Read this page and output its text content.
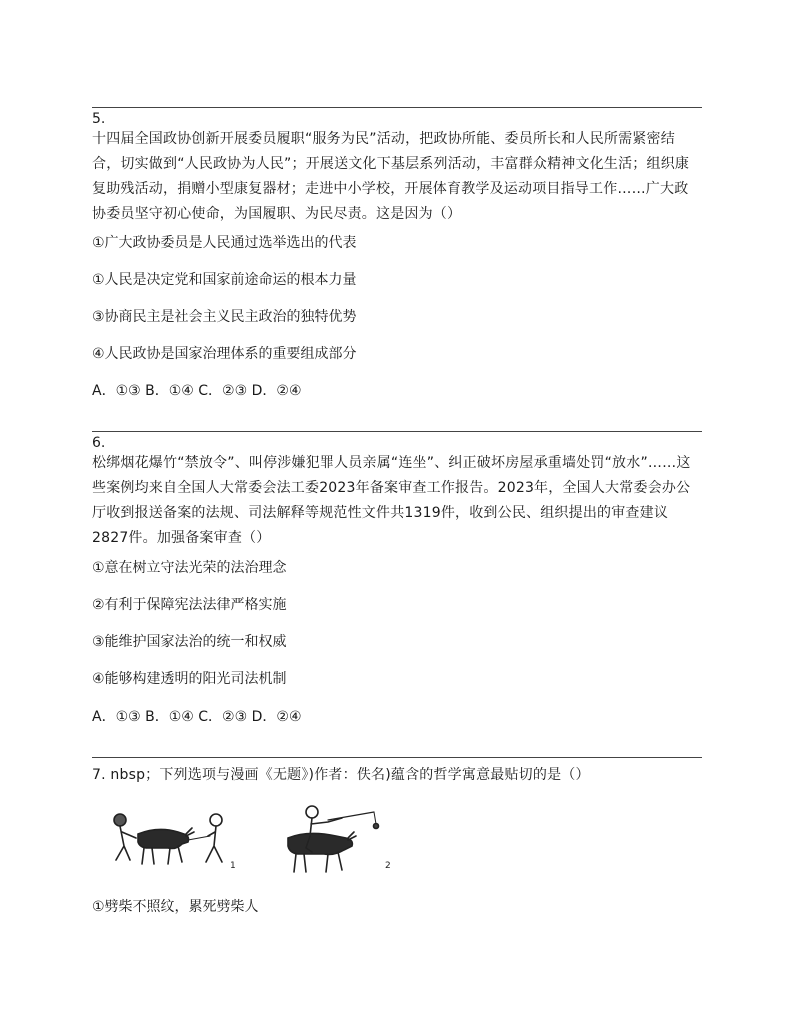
5.

十四届全国政协创新开展委员履职“服务为民”活动，把政协所能、委员所长和人民所需紧密结合，切实做到“人民政协为人民”；开展送文化下基层系列活动，丰富群众精神文化生活；组织康复助残活动，捐赠小型康复器材；走进中小学校，开展体育教学及运动项目指导工作……广大政协委员坚守初心使命，为国履职、为民尽责。这是因为（）

①广大政协委员是人民通过选举选出的代表
①人民是决定党和国家前途命运的根本力量
③协商民主是社会主义民主政治的独特优势
④人民政协是国家治理体系的重要组成部分
A．①③ B．①④ C．②③ D．②④
6.

松绑烟花爆竹“禁放令”、叫停涉嫌犯罪人员亲属“连坐”、纠正破坏房屋承重墙处罚“放水”……这些案例均来自全国人大常委会法工委2023年备案审查工作报告。2023年，全国人大常委会办公厅收到报送备案的法规、司法解释等规范性文件共1319件，收到公民、组织提出的审查建议2827件。加强备案审查（）

①意在树立守法光荣的法治理念
②有利于保障宪法法律严格实施
③能维护国家法治的统一和权威
④能够构建透明的阳光司法机制
A．①③ B．①④ C．②③ D．②④
7. nbsp；下列选项与漫画《无题》)作者：佚名)蕴含的哲学寓意最贴切的是（）
1	2
①劈柴不照纹，累死劈柴人
